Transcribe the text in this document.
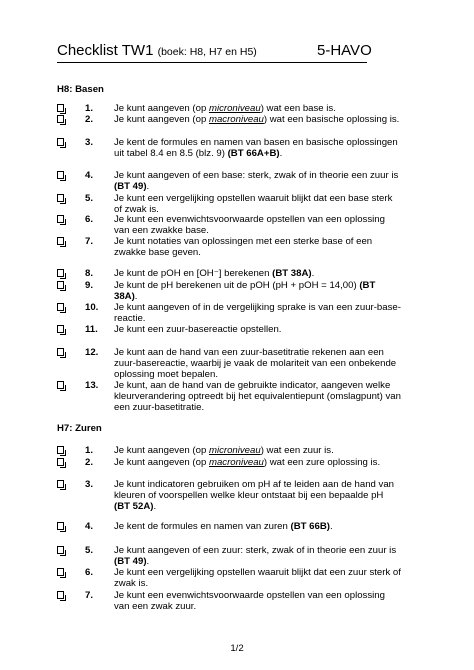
Checklist TW1 (boek: H8, H7 en H5)	5-HAVO
H8: Basen
1. Je kunt aangeven (op microniveau) wat een base is.
2. Je kunt aangeven (op macroniveau) wat een basische oplossing is.
3. Je kent de formules en namen van basen en basische oplossingen uit tabel 8.4 en 8.5 (blz. 9) (BT 66A+B).
4. Je kunt aangeven of een base: sterk, zwak of in theorie een zuur is (BT 49).
5. Je kunt een vergelijking opstellen waaruit blijkt dat een base sterk of zwak is.
6. Je kunt een evenwichtsvoorwaarde opstellen van een oplossing van een zwakke base.
7. Je kunt notaties van oplossingen met een sterke base of een zwakke base geven.
8. Je kunt de pOH en [OH⁻] berekenen (BT 38A).
9. Je kunt de pH berekenen uit de pOH (pH + pOH = 14,00) (BT 38A).
10. Je kunt aangeven of in de vergelijking sprake is van een zuur-base-reactie.
11. Je kunt een zuur-basereactie opstellen.
12. Je kunt aan de hand van een zuur-basetitratie rekenen aan een zuur-basereactie, waarbij je vaak de molariteit van een onbekende oplossing moet bepalen.
13. Je kunt, aan de hand van de gebruikte indicator, aangeven welke kleurverandering optreedt bij het equivalentiepunt (omslagpunt) van een zuur-basetitratie.
H7: Zuren
1. Je kunt aangeven (op microniveau) wat een zuur is.
2. Je kunt aangeven (op macroniveau) wat een zure oplossing is.
3. Je kunt indicatoren gebruiken om pH af te leiden aan de hand van kleuren of voorspellen welke kleur ontstaat bij een bepaalde pH (BT 52A).
4. Je kent de formules en namen van zuren (BT 66B).
5. Je kunt aangeven of een zuur: sterk, zwak of in theorie een zuur is (BT 49).
6. Je kunt een vergelijking opstellen waaruit blijkt dat een zuur sterk of zwak is.
7. Je kunt een evenwichtsvoorwaarde opstellen van een oplossing van een zwak zuur.
1/2
